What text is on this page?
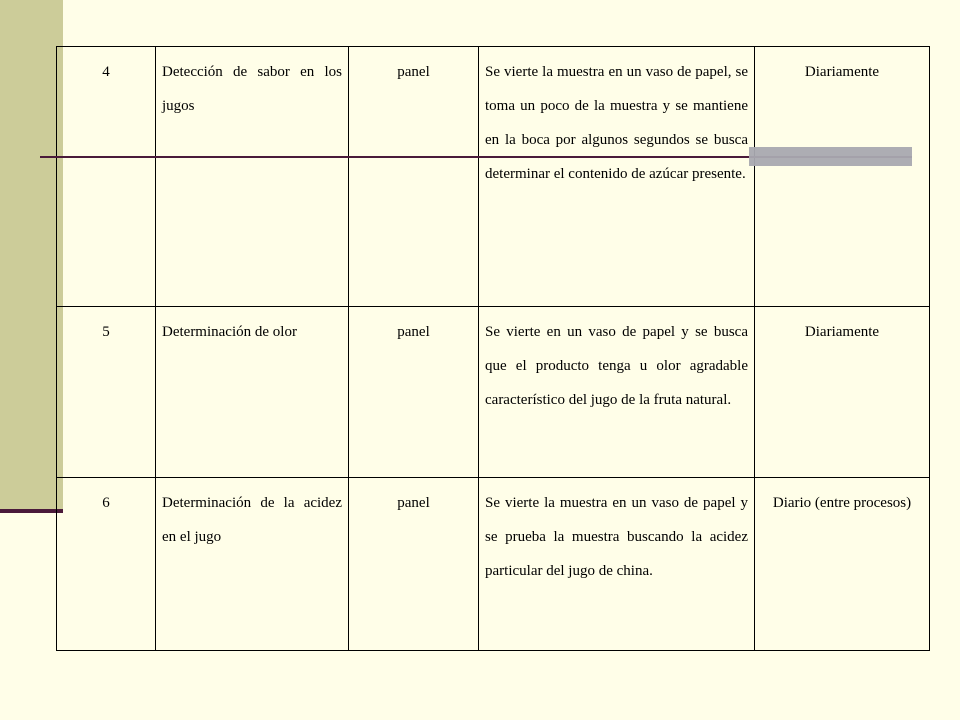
4	Detección de sabor en los jugos	panel	Se vierte la muestra en un vaso de papel, se toma un poco de la muestra y se mantiene en la boca por algunos segundos se busca determinar el contenido de azúcar presente.	Diariamente
5	Determinación de olor	panel	Se vierte en un vaso de papel y se busca que el producto tenga u olor agradable característico del jugo de la fruta natural.	Diariamente
6	Determinación de la acidez en el jugo	panel	Se vierte la muestra en un vaso de papel y se prueba la muestra buscando la acidez particular del jugo de china.	Diario (entre procesos)
